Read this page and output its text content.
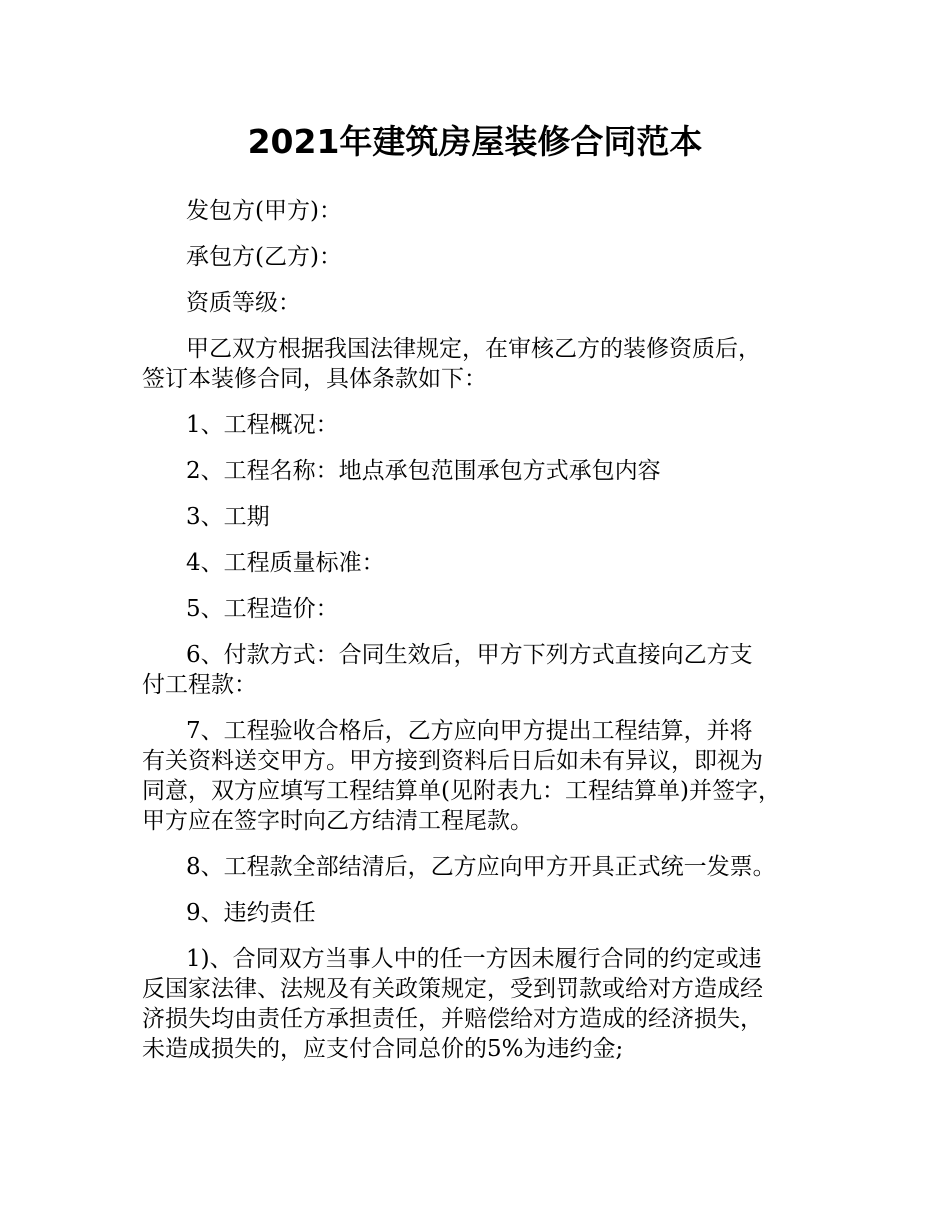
2021年建筑房屋装修合同范本

发包方(甲方)：

承包方(乙方)：

资质等级：

甲乙双方根据我国法律规定，在审核乙方的装修资质后，
签订本装修合同，具体条款如下：

1、工程概况：

2、工程名称：地点承包范围承包方式承包内容

3、工期

4、工程质量标准：

5、工程造价：

6、付款方式：合同生效后，甲方下列方式直接向乙方支
付工程款：

7、工程验收合格后，乙方应向甲方提出工程结算，并将
有关资料送交甲方。甲方接到资料后日后如未有异议，即视为
同意，双方应填写工程结算单(见附表九：工程结算单)并签字，
甲方应在签字时向乙方结清工程尾款。

8、工程款全部结清后，乙方应向甲方开具正式统一发票。

9、违约责任

1)、合同双方当事人中的任一方因未履行合同的约定或违
反国家法律、法规及有关政策规定，受到罚款或给对方造成经
济损失均由责任方承担责任，并赔偿给对方造成的经济损失，
未造成损失的，应支付合同总价的5%为违约金;
